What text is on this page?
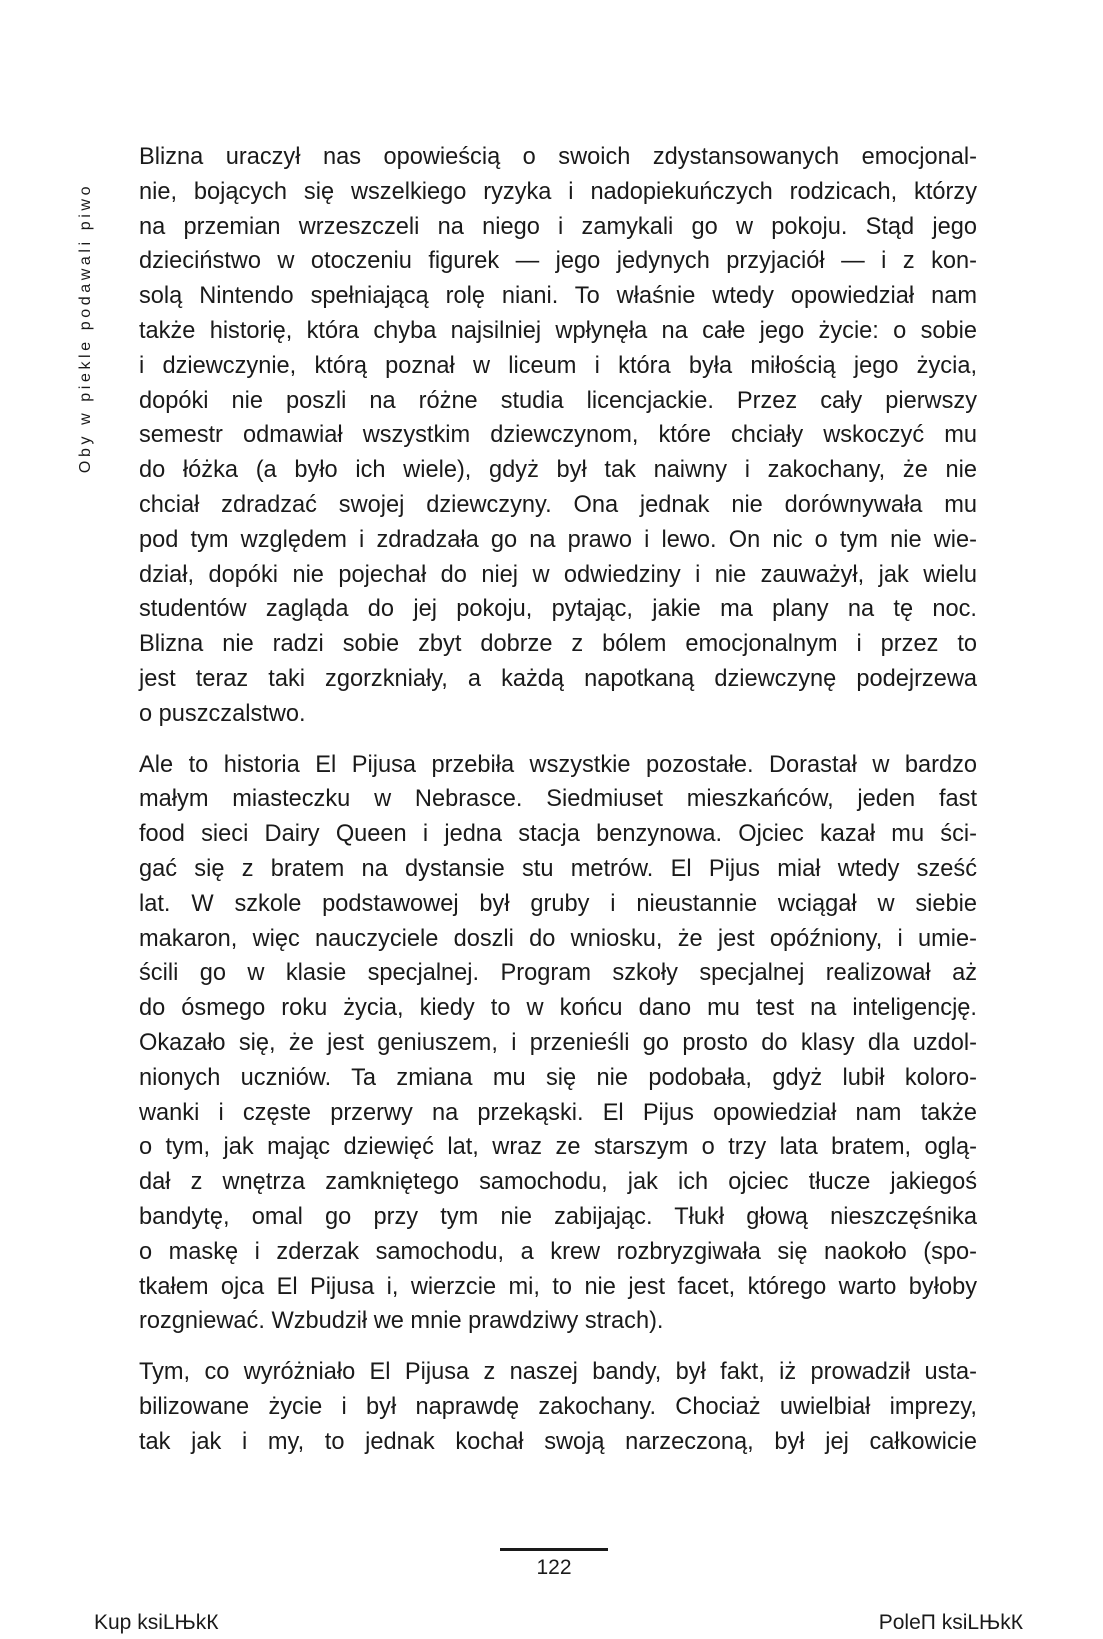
Oby w piekle podawali piwo
Blizna uraczył nas opowieścią o swoich zdystansowanych emocjonal-
nie, bojących się wszelkiego ryzyka i nadopiekuńczych rodzicach, którzy
na przemian wrzeszczeli na niego i zamykali go w pokoju. Stąd jego
dzieciństwo w otoczeniu figurek — jego jedynych przyjaciół — i z kon-
solą Nintendo spełniającą rolę niani. To właśnie wtedy opowiedział nam
także historię, która chyba najsilniej wpłynęła na całe jego życie: o sobie
i dziewczynie, którą poznał w liceum i która była miłością jego życia,
dopóki nie poszli na różne studia licencjackie. Przez cały pierwszy
semestr odmawiał wszystkim dziewczynom, które chciały wskoczyć mu
do łóżka (a było ich wiele), gdyż był tak naiwny i zakochany, że nie
chciał zdradzać swojej dziewczyny. Ona jednak nie dorównywała mu
pod tym względem i zdradzała go na prawo i lewo. On nic o tym nie wie-
dział, dopóki nie pojechał do niej w odwiedziny i nie zauważył, jak wielu
studentów zagląda do jej pokoju, pytając, jakie ma plany na tę noc.
Blizna nie radzi sobie zbyt dobrze z bólem emocjonalnym i przez to
jest teraz taki zgorzkniały, a każdą napotkaną dziewczynę podejrzewa
o puszczalstwo.
Ale to historia El Pijusa przebiła wszystkie pozostałe. Dorastał w bardzo
małym miasteczku w Nebrasce. Siedmiuset mieszkańców, jeden fast
food sieci Dairy Queen i jedna stacja benzynowa. Ojciec kazał mu ści-
gać się z bratem na dystansie stu metrów. El Pijus miał wtedy sześć
lat. W szkole podstawowej był gruby i nieustannie wciągał w siebie
makaron, więc nauczyciele doszli do wniosku, że jest opóźniony, i umie-
ścili go w klasie specjalnej. Program szkoły specjalnej realizował aż
do ósmego roku życia, kiedy to w końcu dano mu test na inteligencję.
Okazało się, że jest geniuszem, i przenieśli go prosto do klasy dla uzdol-
nionych uczniów. Ta zmiana mu się nie podobała, gdyż lubił koloro-
wanki i częste przerwy na przekąski. El Pijus opowiedział nam także
o tym, jak mając dziewięć lat, wraz ze starszym o trzy lata bratem, oglą-
dał z wnętrza zamkniętego samochodu, jak ich ojciec tłucze jakiegoś
bandytę, omal go przy tym nie zabijając. Tłukł głową nieszczęśnika
o maskę i zderzak samochodu, a krew rozbryzgiwała się naokoło (spo-
tkałem ojca El Pijusa i, wierzcie mi, to nie jest facet, którego warto byłoby
rozgniewać. Wzbudził we mnie prawdziwy strach).
Tym, co wyróżniało El Pijusa z naszej bandy, był fakt, iż prowadził usta-
bilizowane życie i był naprawdę zakochany. Chociaż uwielbiał imprezy,
tak jak i my, to jednak kochał swoją narzeczoną, był jej całkowicie
122
Kup ksiLЊkК	PoleП ksiLЊkК
